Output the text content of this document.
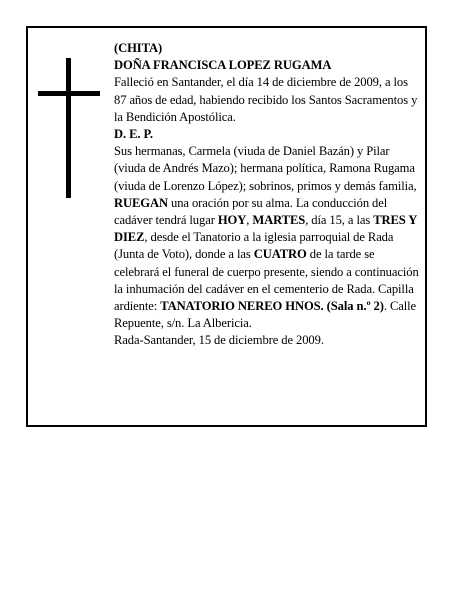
(CHITA)

DOÑA FRANCISCA LOPEZ RUGAMA

Falleció en Santander, el día 14 de diciembre de 2009, a los 87 años de edad, habiendo recibido los Santos Sacramentos y la Bendición Apostólica.

D. E. P.

Sus hermanas, Carmela (viuda de Daniel Bazán) y Pilar (viuda de Andrés Mazo); hermana política, Ramona Rugama (viuda de Lorenzo López); sobrinos, primos y demás familia,

RUEGAN una oración por su alma. La conducción del cadáver tendrá lugar HOY, MARTES, día 15, a las TRES Y DIEZ, desde el Tanatorio a la iglesia parroquial de Rada (Junta de Voto), donde a las CUATRO de la tarde se celebrará el funeral de cuerpo presente, siendo a continuación la inhumación del cadáver en el cementerio de Rada. Capilla ardiente: TANATORIO NEREO HNOS. (Sala n.º 2). Calle Repuente, s/n. La Albericia.

Rada-Santander, 15 de diciembre de 2009.
